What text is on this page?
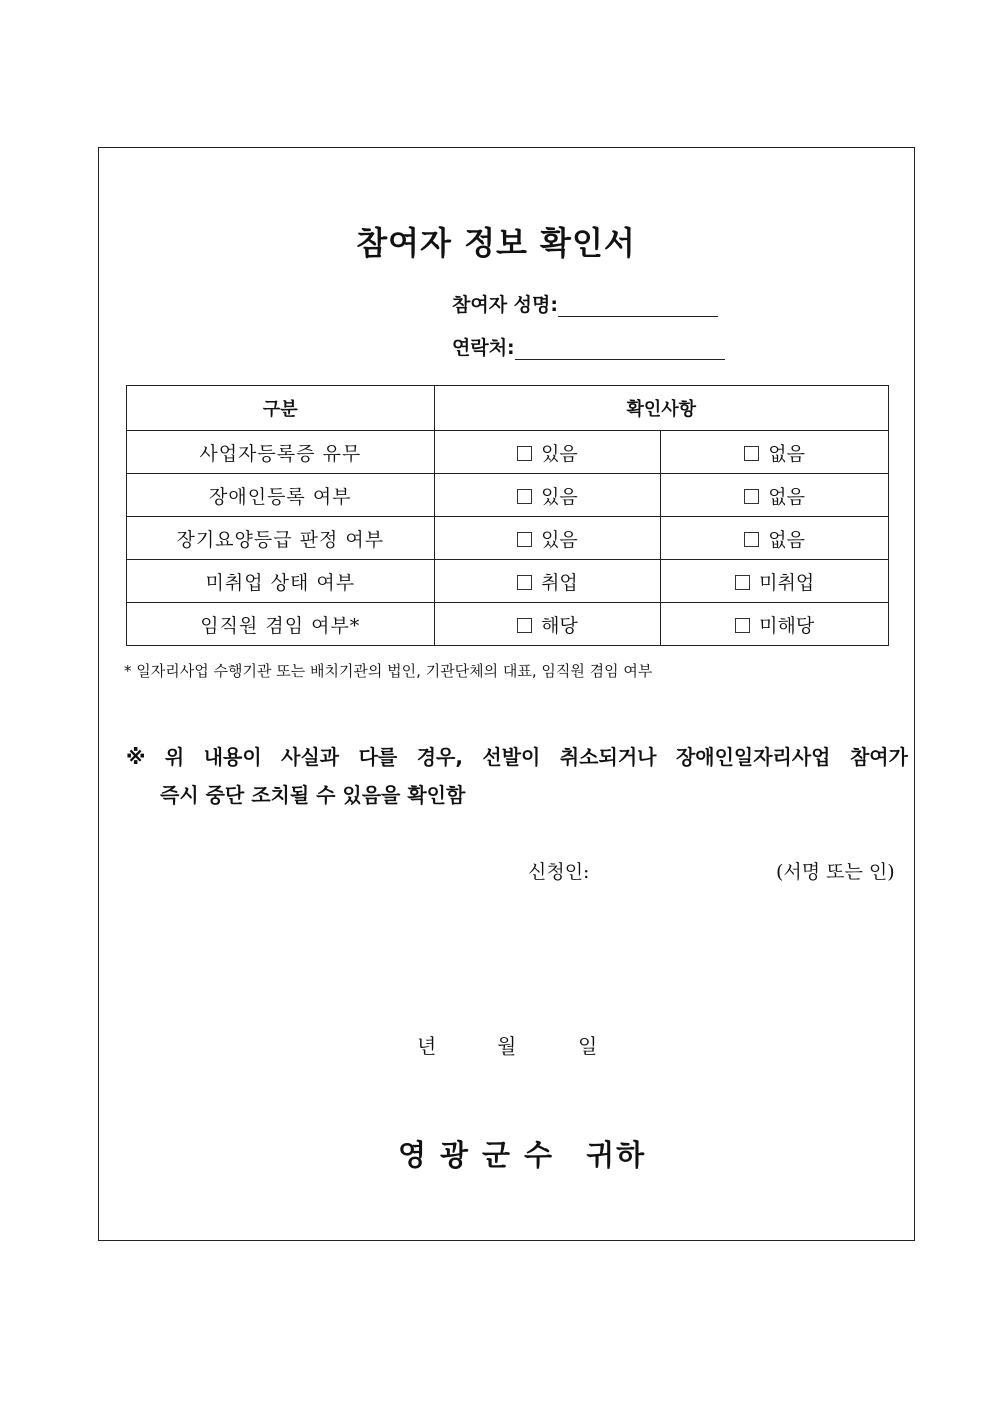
참여자 정보 확인서
참여자 성명:
연락처:
구분	확인사항	
사업자등록증 유무	있음	없음
장애인등록 여부	있음	없음
장기요양등급 판정 여부	있음	없음
미취업 상태 여부	취업	미취업
임직원 겸임 여부*	해당	미해당
* 일자리사업 수행기관 또는 배치기관의 법인, 기관단체의 대표, 임직원 겸임 여부
※ 위 내용이 사실과 다를 경우, 선발이 취소되거나 장애인일자리사업 참여가
즉시 중단 조치될 수 있음을 확인함
신청인:	(서명 또는 인)
년	월	일
영광군수 귀하
